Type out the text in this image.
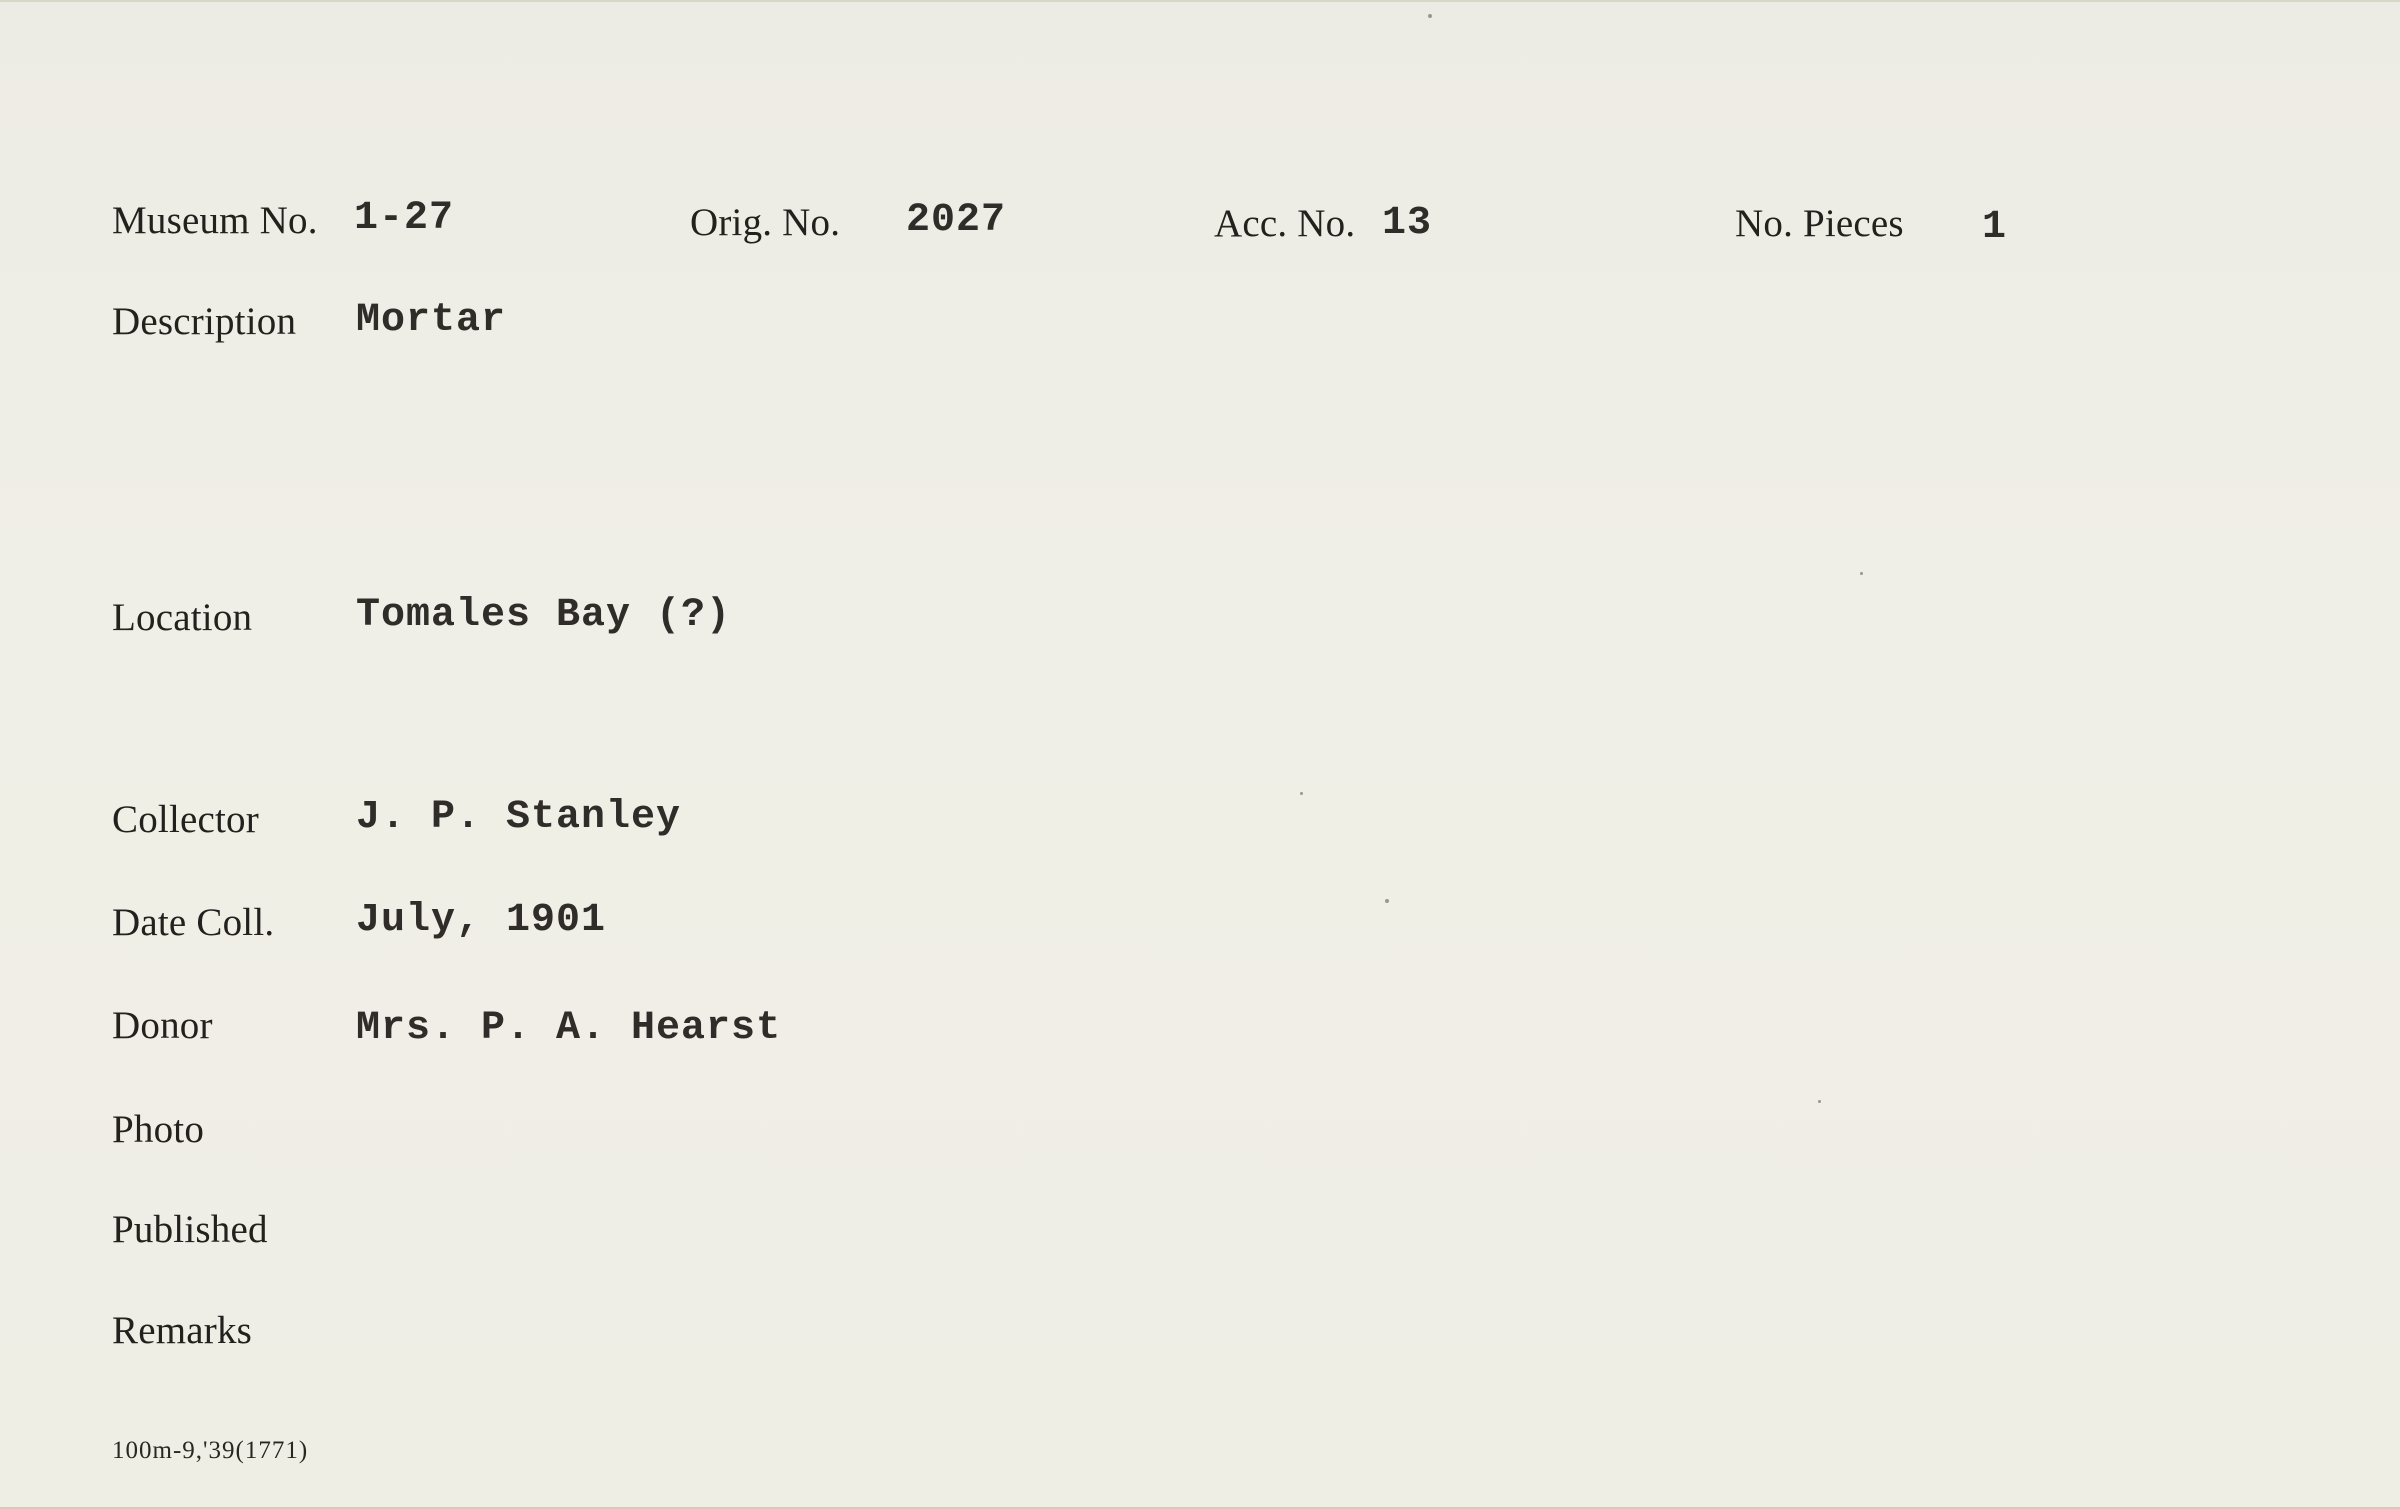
Museum No. 1-27	Orig. No. 2027	Acc. No. 13	No. Pieces 1
Description Mortar
Location	Tomales Bay (?)
Collector J. P. Stanley
Date Coll. July, 1901
Donor	Mrs. P. A. Hearst
Photo
Published
Remarks
100m-9,'39(1771)
